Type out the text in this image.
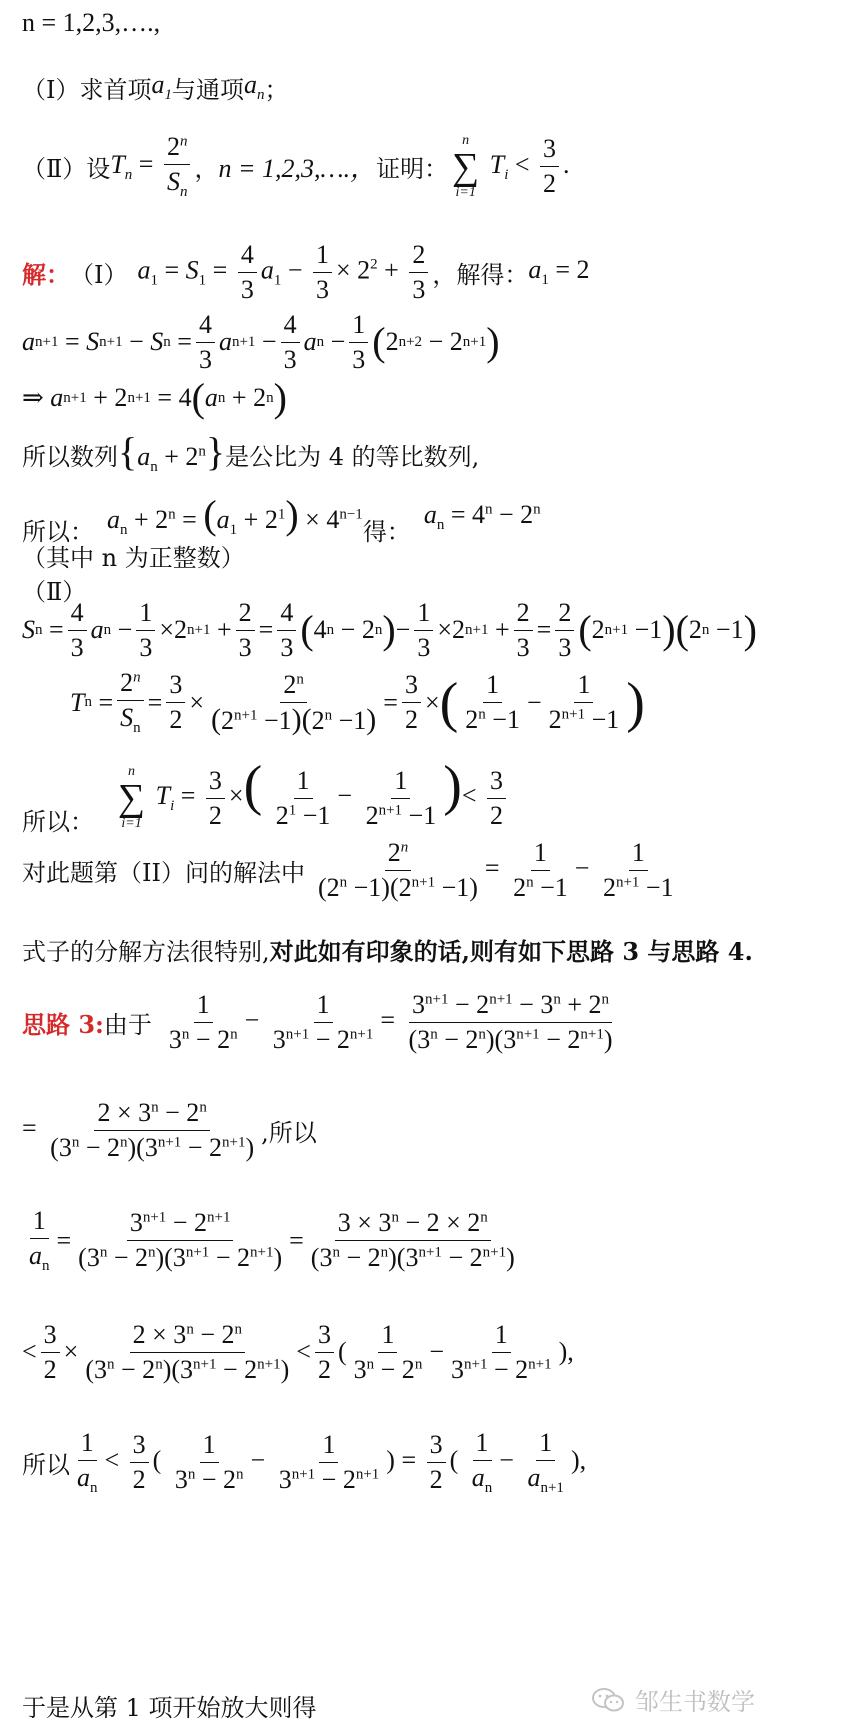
n = 1,2,3,….,
（Ⅰ）求首项 $a_1$ 与通项 $a_n$ ；
（Ⅱ）设 $T_n = \frac{2^n}{S_n}$ ， n = 1,2,3,….， 证明：
n
∑
i=1
$T_i < \frac{3}{2}$ .
解： （Ⅰ） $a_1 = S_1 = \frac{4}{3} a_1 - \frac{1}{3} \times 2^2 + \frac{2}{3}$ ，解得： $a_1 = 2$
a n+1 = S n+1 − S $n = \frac{4}{3}$ a $n+1 - \frac{4}{3}$ a $n - \frac{1}{3}$ ( 2 n+2 − 2 n+1 )
⇒ a n+1 + 2 n+1 = 4 ( a n + 2 n )
所以数列 $\{a_n + 2^n\}$ 是公比为 4 的等比数列,
所以： $a_n + 2^n = (a_1 + 2^1) \times 4^{n-1}$
得：
$a_n = 4^n - 2^n$
（其中 n 为正整数）
（Ⅱ）
S $n = \frac{4}{3}$ a $n - \frac{1}{3} \times 2$ $n+1 + \frac{2}{3} = \frac{4}{3}$ ( 4 n − 2 n ) − $\frac{1}{3} \times 2$ $n+1 + \frac{2}{3} = \frac{2}{3}$ ( 2 n+1 −1 )( 2 n −1 )
T $n = \frac{2^n}{S_n} = \frac{3}{2} \times \frac{2^n}{(2^{n+1} -1)(2^n -1)} = \frac{3}{2}$ × ( $\frac{1}{2^n -1} - \frac{1}{2^{n+1} -1}$ )
所以：
n
∑
i=1
$T_i = \frac{3}{2}$ ×( $\frac{1}{2^1 -1} - \frac{1}{2^{n+1} -1}$ )< $\frac{3}{2}$
对此题第（II）问的解法中 $\frac{2^n}{(2^n -1)(2^{n+1} -1)} = \frac{1}{2^n -1} - \frac{1}{2^{n+1} -1}$
式子的分解方法很特别, 对此如有印象的话,则有如下思路 3 与思路 4.
思路 3: 由于 $\frac{1}{3^n - 2^n} - \frac{1}{3^{n+1} - 2^{n+1}} = \frac{3^{n+1} - 2^{n+1} - 3^n + 2^n}{(3^n - 2^n)(3^{n+1} - 2^{n+1})}$
= $\frac{2 \times 3^n - 2^n}{(3^n - 2^n)(3^{n+1} - 2^{n+1})}$ ,所以
$\frac{1}{a_n} = \frac{3^{n+1} - 2^{n+1}}{(3^n - 2^n)(3^{n+1} - 2^{n+1})} = \frac{3 \times 3^n - 2 \times 2^n}{(3^n - 2^n)(3^{n+1} - 2^{n+1})}$
< $\frac{3}{2} \times \frac{2 \times 3^n - 2^n}{(3^n - 2^n)(3^{n+1} - 2^{n+1})} < \frac{3}{2}$ ( $\frac{1}{3^n - 2^n} - \frac{1}{3^{n+1} - 2^{n+1}}$ ),
所以 $\frac{1}{a_n} < \frac{3}{2}$ ( $\frac{1}{3^n - 2^n} - \frac{1}{3^{n+1} - 2^{n+1}}$ ) = $\frac{3}{2}$ ( $\frac{1}{a_n} - \frac{1}{a_{n+1}}$ ),
于是从第 1 项开始放大则得	邹生书数学
